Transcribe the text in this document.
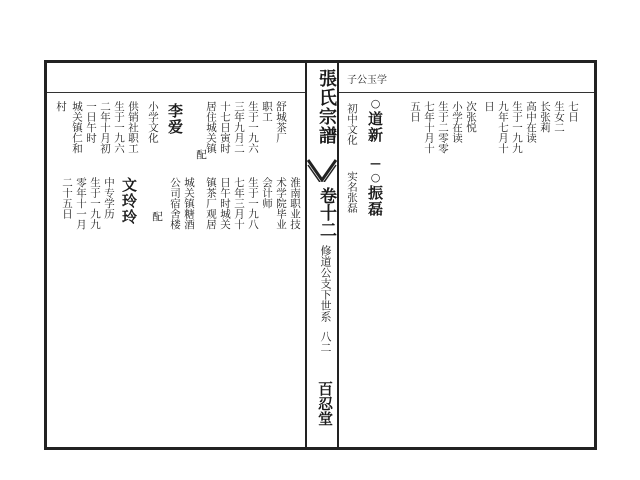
子公玉学
張氏宗譜
卷十二
修道公支下世系
八二
百忍堂
○道新
初中文化
—○振磊
实名张磊
五日 七年十月十 生于二零零 小学在读 次张悦 日 九年七月十 生于一九九 高中在读 长张莉 生女二 七日
村 城关镇仁和 一日午时 二年十月初 生于一九六 供销社职工 小学文化 李爱
二十五日 零年十一月 生于一九九 中专学历 文玲玲
配
配
居住城关镇 十七日寅时 三年九月二 生于一九六 职工 舒城茶厂
公司宿舍楼 城关镇糖酒 镇茶厂观居 日午时城关 七年三月十 生于一九八 会计师 术学院毕业 淮南职业技
